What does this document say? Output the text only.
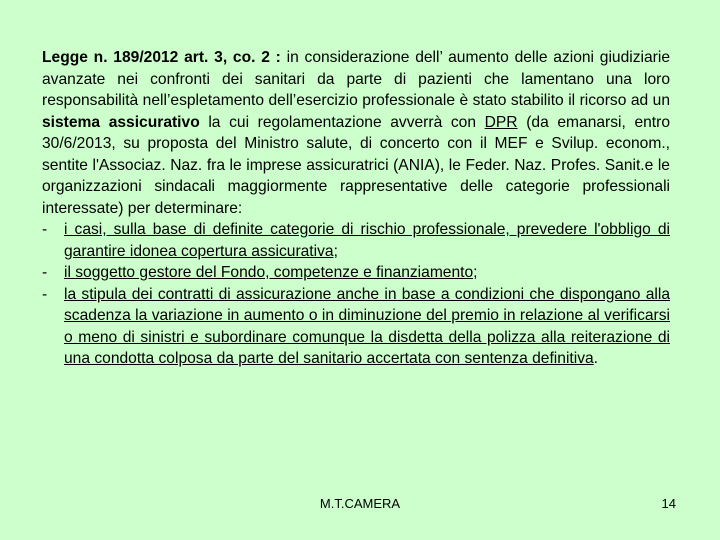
Legge n. 189/2012 art. 3, co. 2 : in considerazione dell’ aumento delle azioni giudiziarie avanzate nei confronti dei sanitari da parte di pazienti che lamentano una loro responsabilità nell’espletamento dell’esercizio professionale è stato stabilito il ricorso ad un sistema assicurativo la cui regolamentazione avverrà con DPR (da emanarsi, entro 30/6/2013, su proposta del Ministro salute, di concerto con il MEF e Svilup. econom., sentite l'Associaz. Naz. fra le imprese assicuratrici (ANIA), le Feder. Naz. Profes. Sanit.e le organizzazioni sindacali maggiormente rappresentative delle categorie professionali interessate) per determinare:

- i casi, sulla base di definite categorie di rischio professionale, prevedere l'obbligo di garantire idonea copertura assicurativa;
- il soggetto gestore del Fondo, competenze e finanziamento;
- la stipula dei contratti di assicurazione anche in base a condizioni che dispongano alla scadenza la variazione in aumento o in diminuzione del premio in relazione al verificarsi o meno di sinistri e subordinare comunque la disdetta della polizza alla reiterazione di una condotta colposa da parte del sanitario accertata con sentenza definitiva.
M.T.CAMERA	14
